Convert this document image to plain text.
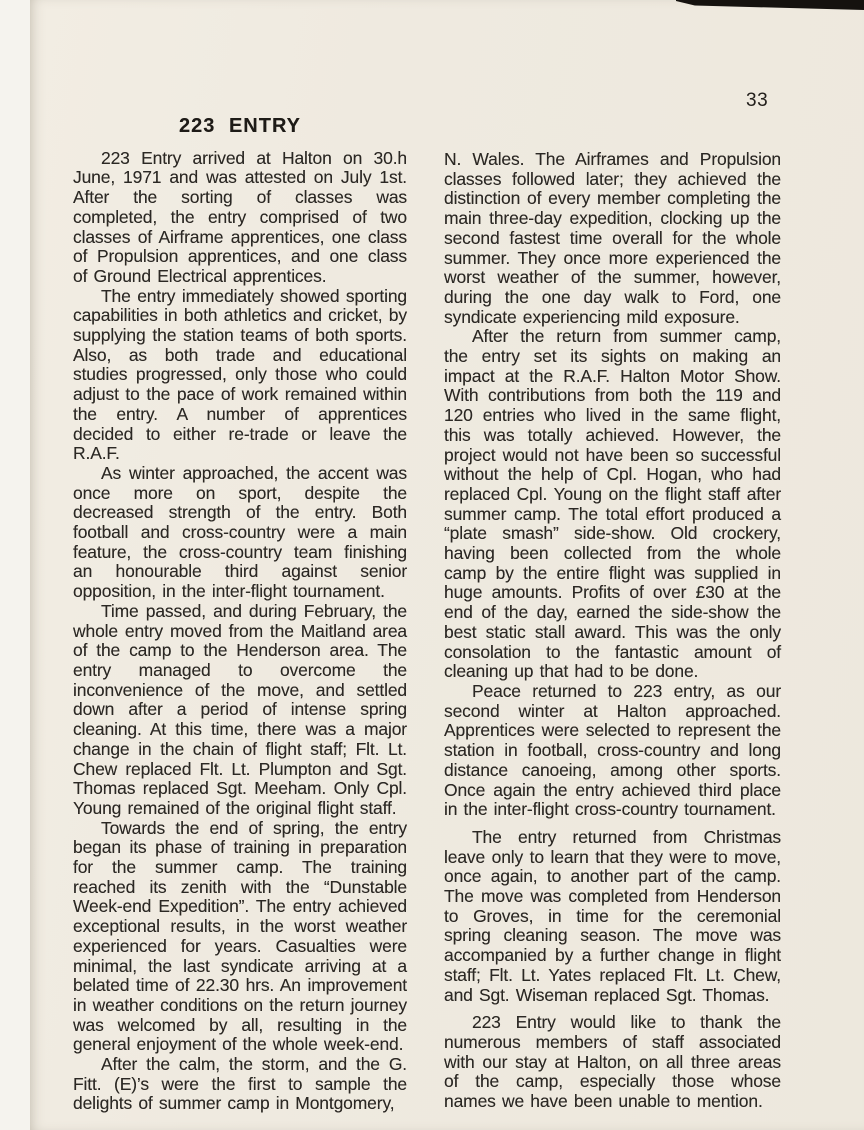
33
223 ENTRY

223 Entry arrived at Halton on 30.h June, 1971 and was attested on July 1st. After the sorting of classes was completed, the entry comprised of two classes of Airframe apprentices, one class of Propulsion apprentices, and one class of Ground Electrical apprentices.

The entry immediately showed sporting capabilities in both athletics and cricket, by supplying the station teams of both sports. Also, as both trade and educational studies progressed, only those who could adjust to the pace of work remained within the entry. A number of apprentices decided to either re-trade or leave the R.A.F.

As winter approached, the accent was once more on sport, despite the decreased strength of the entry. Both football and cross-country were a main feature, the cross-country team finishing an honourable third against senior opposition, in the inter-flight tournament.

Time passed, and during February, the whole entry moved from the Maitland area of the camp to the Henderson area. The entry managed to overcome the inconvenience of the move, and settled down after a period of intense spring cleaning. At this time, there was a major change in the chain of flight staff; Flt. Lt. Chew replaced Flt. Lt. Plumpton and Sgt. Thomas replaced Sgt. Meeham. Only Cpl. Young remained of the original flight staff.

Towards the end of spring, the entry began its phase of training in preparation for the summer camp. The training reached its zenith with the “Dunstable Week-end Expedition”. The entry achieved exceptional results, in the worst weather experienced for years. Casualties were minimal, the last syndicate arriving at a belated time of 22.30 hrs. An improvement in weather conditions on the return journey was welcomed by all, resulting in the general enjoyment of the whole week-end.

After the calm, the storm, and the G. Fitt. (E)’s were the first to sample the delights of summer camp in Montgomery,

N. Wales. The Airframes and Propulsion classes followed later; they achieved the distinction of every member completing the main three-day expedition, clocking up the second fastest time overall for the whole summer. They once more experienced the worst weather of the summer, however, during the one day walk to Ford, one syndicate experiencing mild exposure.

After the return from summer camp, the entry set its sights on making an impact at the R.A.F. Halton Motor Show. With contributions from both the 119 and 120 entries who lived in the same flight, this was totally achieved. However, the project would not have been so successful without the help of Cpl. Hogan, who had replaced Cpl. Young on the flight staff after summer camp. The total effort produced a “plate smash” side-show. Old crockery, having been collected from the whole camp by the entire flight was supplied in huge amounts. Profits of over £30 at the end of the day, earned the side-show the best static stall award. This was the only consolation to the fantastic amount of cleaning up that had to be done.

Peace returned to 223 entry, as our second winter at Halton approached. Apprentices were selected to represent the station in football, cross-country and long distance canoeing, among other sports. Once again the entry achieved third place in the inter-flight cross-country tournament.

The entry returned from Christmas leave only to learn that they were to move, once again, to another part of the camp. The move was completed from Henderson to Groves, in time for the ceremonial spring cleaning season. The move was accompanied by a further change in flight staff; Flt. Lt. Yates replaced Flt. Lt. Chew, and Sgt. Wiseman replaced Sgt. Thomas.

223 Entry would like to thank the numerous members of staff associated with our stay at Halton, on all three areas of the camp, especially those whose names we have been unable to mention.
